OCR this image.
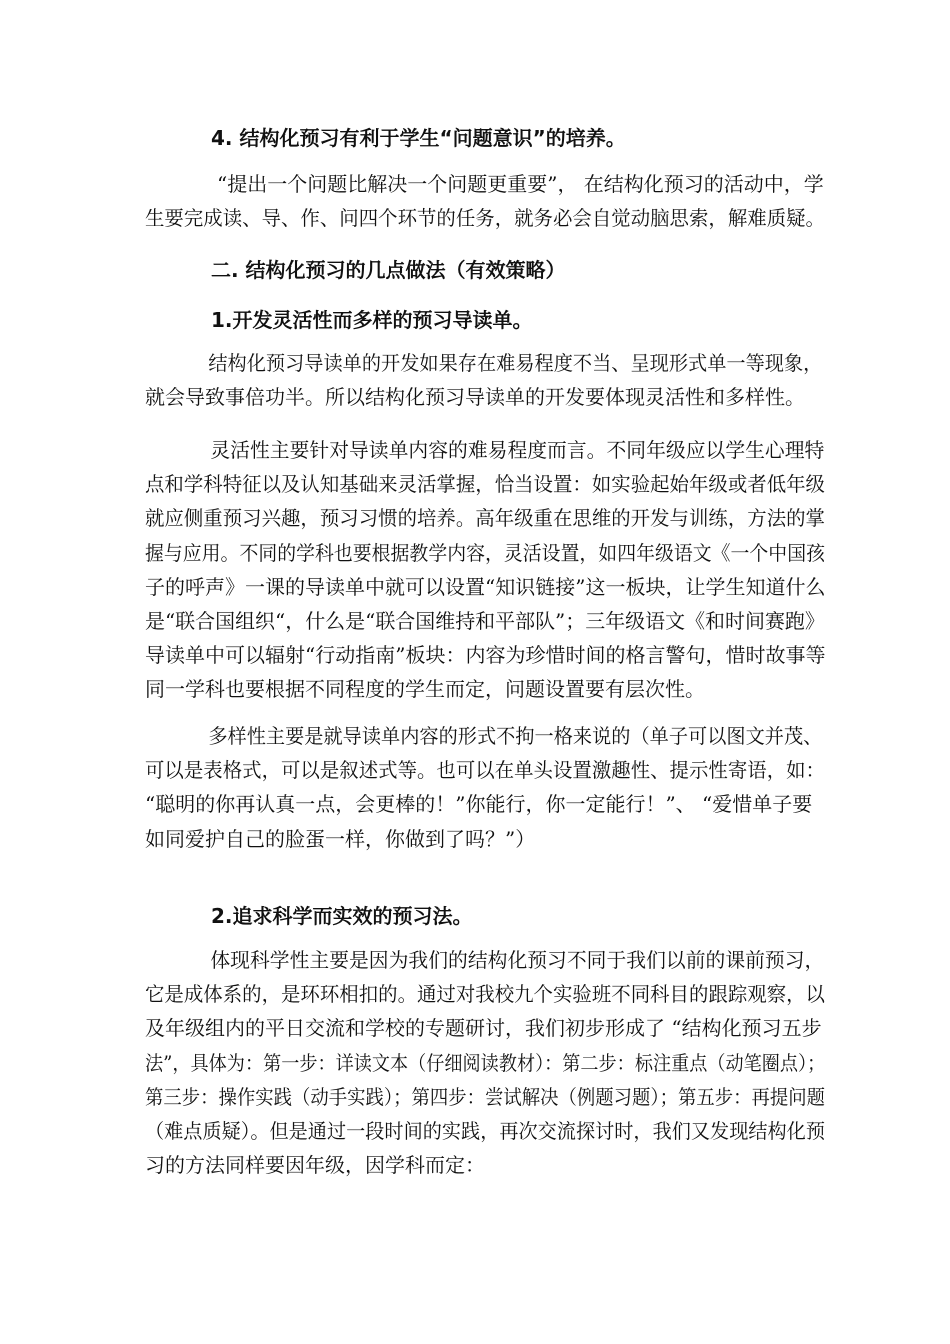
4. 结构化预习有利于学生“问题意识”的培养。
“提出一个问题比解决一个问题更重要”， 在结构化预习的活动中，学
生要完成读、导、作、问四个环节的任务，就务必会自觉动脑思索，解难质疑。
二. 结构化预习的几点做法（有效策略）
1.开发灵活性而多样的预习导读单。
结构化预习导读单的开发如果存在难易程度不当、呈现形式单一等现象，
就会导致事倍功半。所以结构化预习导读单的开发要体现灵活性和多样性。
灵活性主要针对导读单内容的难易程度而言。不同年级应以学生心理特
点和学科特征以及认知基础来灵活掌握，恰当设置：如实验起始年级或者低年级
就应侧重预习兴趣，预习习惯的培养。高年级重在思维的开发与训练，方法的掌
握与应用。不同的学科也要根据教学内容，灵活设置，如四年级语文《一个中国孩
子的呼声》一课的导读单中就可以设置“知识链接”这一板块，让学生知道什么
是“联合国组织“，什么是“联合国维持和平部队”；三年级语文《和时间赛跑》
导读单中可以辐射“行动指南”板块：内容为珍惜时间的格言警句，惜时故事等
同一学科也要根据不同程度的学生而定，问题设置要有层次性。
多样性主要是就导读单内容的形式不拘一格来说的（单子可以图文并茂、
可以是表格式，可以是叙述式等。也可以在单头设置激趣性、提示性寄语，如：
“聪明的你再认真一点，会更棒的！”你能行，你一定能行！”、 “爱惜单子要
如同爱护自己的脸蛋一样，你做到了吗？”）
2.追求科学而实效的预习法。
体现科学性主要是因为我们的结构化预习不同于我们以前的课前预习，
它是成体系的，是环环相扣的。通过对我校九个实验班不同科目的跟踪观察，以
及年级组内的平日交流和学校的专题研讨，我们初步形成了 “结构化预习五步
法”，具体为：第一步：详读文本（仔细阅读教材）：第二步：标注重点（动笔圈点）；
第三步：操作实践（动手实践）；第四步：尝试解决（例题习题）；第五步：再提问题
（难点质疑）。但是通过一段时间的实践，再次交流探讨时，我们又发现结构化预
习的方法同样要因年级，因学科而定：
